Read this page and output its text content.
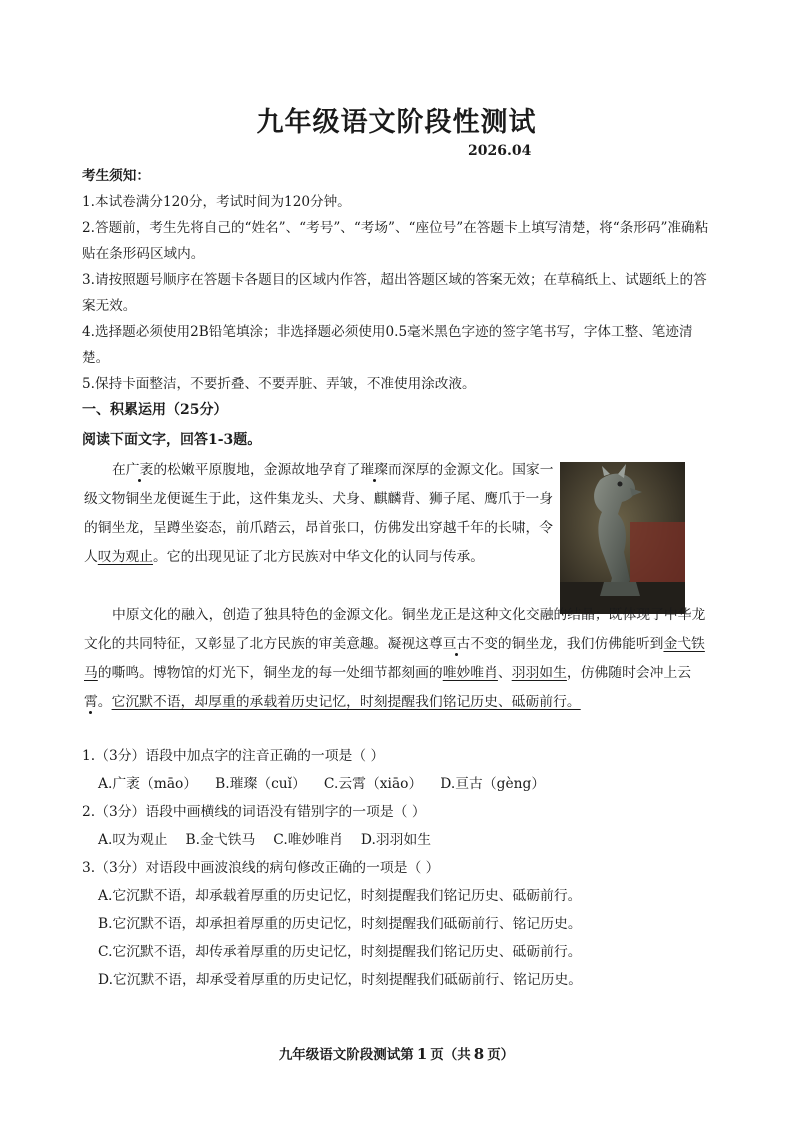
九年级语文阶段性测试
2026.04
考生须知：
1.本试卷满分120分，考试时间为120分钟。
2.答题前，考生先将自己的“姓名”、“考号”、“考场”、“座位号”在答题卡上填写清楚，将“条形码”准确粘贴在条形码区域内。
3.请按照题号顺序在答题卡各题目的区域内作答，超出答题区域的答案无效；在草稿纸上、试题纸上的答案无效。
4.选择题必须使用2B铅笔填涂；非选择题必须使用0.5毫米黑色字迹的签字笔书写，字体工整、笔迹清楚。
5.保持卡面整洁，不要折叠、不要弄脏、弄皱，不准使用涂改液。
一、积累运用（25分）
阅读下面文字，回答1-3题。
在广袤的松嫩平原腹地，金源故地孕育了璀璨而深厚的金源文化。国家一级文物铜坐龙便诞生于此，这件集龙头、犬身、麒麟背、狮子尾、鹰爪于一身的铜坐龙，呈蹲坐姿态，前爪踏云，昂首张口，仿佛发出穿越千年的长啸，令人叹为观止。它的出现见证了北方民族对中华文化的认同与传承。
中原文化的融入，创造了独具特色的金源文化。铜坐龙正是这种文化交融的结晶；既体现了中华龙文化的共同特征，又彰显了北方民族的审美意趣。凝视这尊亘古不变的铜坐龙，我们仿佛能听到金弋铁马的嘶鸣。博物馆的灯光下，铜坐龙的每一处细节都刻画的唯妙唯肖、羽羽如生，仿佛随时会冲上云霄。它沉默不语，却厚重的承载着历史记忆，时刻提醒我们铭记历史、砥砺前行。
1.（3分）语段中加点字的注音正确的一项是（ ）
A.广袤（māo） B.璀璨（cuǐ） C.云霄（xiāo） D.亘古（gèng）
2.（3分）语段中画横线的词语没有错别字的一项是（ ）
A.叹为观止 B.金弋铁马 C.唯妙唯肖 D.羽羽如生
3.（3分）对语段中画波浪线的病句修改正确的一项是（ ）
A.它沉默不语，却承载着厚重的历史记忆，时刻提醒我们铭记历史、砥砺前行。
B.它沉默不语，却承担着厚重的历史记忆，时刻提醒我们砥砺前行、铭记历史。
C.它沉默不语，却传承着厚重的历史记忆，时刻提醒我们铭记历史、砥砺前行。
D.它沉默不语，却承受着厚重的历史记忆，时刻提醒我们砥砺前行、铭记历史。
九年级语文阶段测试第 1 页（共 8 页）
